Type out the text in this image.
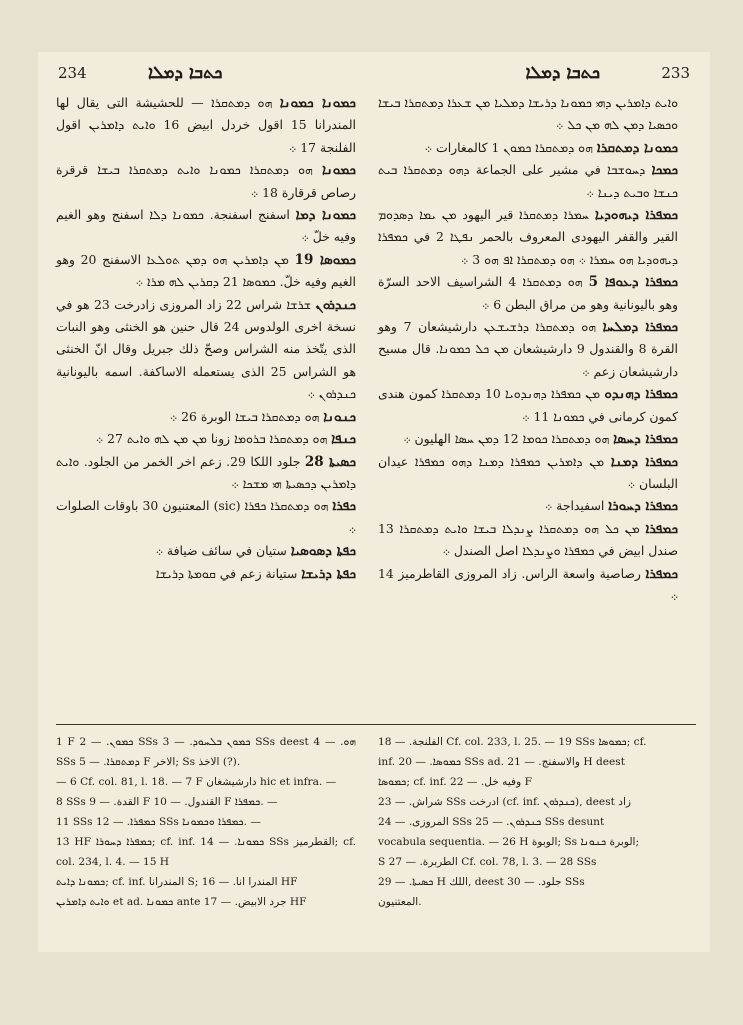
234	ܟܬܒܐ ܕܡܠܐ	ܟܬܒܐ ܕܡܠܐ	233

ܟܡܘܢܐ ܟܡܘܢܐ ܗܘ ܕܡܬܩܪܐ — للحشيشة التى يقال لها المندرانا 15 اقول خردل ابيض 16 ܘܐܝܬ ܕܐܡܪܝܢ اقول الفلنجة 17 ܀

ܟܡܘܢܐ ܗܘ ܕܡܬܩܪܐ ܟܡܘܢܐ ܘܐܝܬ ܕܡܬܩܪܐ ܒܝܫܐ قرقرة رصاص قرقارة 18 ܀

ܟܡܘܢܐ ܕܡܐ اسفنج اسفنجة. ܟܡܘܢܐ ܕܠܐ اسفنج وهو الغيم وفيه خلّ ܀

ܟܡܘܣܐ 19 ܡܢ ܕܐܡܪܝܢ ܗܘ ܕܡܢ ܬܘܠܥܐ الاسفنج 20 وهو الغيم وفيه خلّ. ܟܡܘܣܐ 21 ܕܩܪܝܢ ܠܗ ܡܪܐ ܀

ܟܢܕܪܘܢ ܫܪܫܐ شراس 22 زاد المروزى زادرخت 23 هو في نسخة اخرى الولدوس 24 قال حنين هو الخنثى وهو النبات الذى يتّخذ منه الشراس وصحّ ذلك جبريل وقال انّ الخنثى هو الشراس 25 الذى يستعمله الاساكفة. اسمه باليونانية ܟܢܕܪܘܢ ܀

ܟܢܘܢܐ ܗܘ ܕܡܬܩܪܐ ܒܝܫܐ الوبرة 26 ܀

ܟܢܦܐ ܗܘ ܕܡܬܩܪܐ ܒܪܘܡܐ زونا ܡܢ ܡܢ ܠܗ ܘܐܝܬ 27 ܀

ܟܣܝܬܐ 28 جلود اللكا 29. زعم اخر الخمر من الجلود. ܘܐܝܬ ܕܐܡܪܝܢ ܕܟܣܝܬܐ ܗܝ ܡܫܟܐ ܀

ܟܦܪܐ ܗܘ ܕܡܬܩܪܐ ܟܦܪܐ (sic) المعتنيون 30 باوقات الصلوات ܀

ܟܦܬܐ ܕܣܘܣܝܐ ستيان في سائف ضيافة ܀

ܟܦܬܐ ܕܪܝܫܐ ستيانة زعم في ܩܘܡܬܐ ܕܪܝܫܐ

ܘܐܝܬ ܕܐܡܪܝܢ ܕܗܝ ܟܡܘܢܐ ܕܪܝܫܐ ܕܡܠܝܐ ܡܢ ܫܥܪܐ ܕܡܬܩܪܐ ܒܝܫܐ ܘܟܣܝܐ ܕܡܢ ܠܗ ܡܢ ܟܠ ܀

ܟܡܘܢܐ ܕܡܬܩܪܐ ܗܘ ܕܡܬܩܪܐ ܟܡܘܢ 1 كالمغارات ܀

ܟܡܟܐ ܕܚܘܫܒܐ في مشير على الجماعة ܕܗܘ ܕܡܬܩܪܐ ܒܝܬ ܟܢܫܐ ܘܒܝܬ ܕܝܢܐ ܀

ܟܡܦܪܐ ܕܝܗܘܕܝܐ ܚܡܪܐ ܕܡܬܩܪܐ قير اليهود ܡܢ ܝܡܐ ܕܣܕܘܡ القير والقفر اليهودى المعروف بالحمر ܢܦܛܐ 2 في ܟܡܦܪܐ ܕܝܗܘܕܝܐ ܗܘ ܚܡܪܐ ܀ ܗܘ ܕܡܬܩܪܐ ܐܦ ܗܘ 3 ܀

ܟܡܦܪܐ ܕܥܘܦܐ 5 ܗܘ ܕܡܬܩܪܐ 4 الشراسيف الاحد السرّة وهو باليونانية وهو من مراق البطن 6 ܀

ܟܡܦܪܐ ܕܡܠܚܐ ܗܘ ܕܡܬܩܪܐ ܕܪܫܝܫܥܢ دارشيشعان 7 وهو القرة 8 والقندول 9 دارشيشعان ܡܢ ܟܠ ܟܡܘܢܐ. قال مسيح دارشيشعان زعم ܀

ܟܡܦܪܐ ܕܗܢܕܘ ܡܢ ܟܡܦܪܐ ܕܗܢܕܘܝܐ 10 ܕܡܬܩܪܐ كمون هندى كمون كرمانى في ܟܡܘܢܐ 11 ܀

ܟܡܦܪܐ ܕܚܣܐ ܗܘ ܕܡܬܩܪܐ ܟܘܡܐ 12 ܕܡܢ ܚܣܐ الهليون ܀

ܟܡܦܪܐ ܕܡܢܐ ܡܢ ܕܐܡܪܝܢ ܟܡܦܪܐ ܕܡܢܐ ܕܗܘ ܟܡܦܪܐ عيدان البلسان ܀

ܟܡܦܪܐ ܕܚܘܪܐ اسفيداجة ܀

ܟܡܦܪܐ ܡܢ ܟܠ ܗܘ ܕܡܬܩܪܐ ܨܢܕܠܐ ܒܝܫܐ ܘܐܝܬ ܕܡܬܩܪܐ 13 صندل ابيض في ܟܡܦܪܐ ܘܨܢܕܠܐ اصل الصندل ܀

ܟܡܦܪܐ رصاصية واسعة الراس. زاد المروزى القاطرميز 14 ܀

1 F ܟܡܘܢ. — 2 SSs ܟܡܘܢ ܒܠܚܘܕ. — 3 SSs deest ܗܘ. — 4 SSs ܕܡܬܩܪܐ. — 5 F الاخر; Ss الاخذ (?).

— 6 Cf. col. 81, l. 18. — 7 F دارشيشغان hic et infra. —

8 SSs القدة. — 9 F القندول. — 10 F ܟܡܦܪܐ. —

11 SSs ܟܡܦܪܐ. — 12 SSs ܟܡܦܪܐ ܘܟܡܘܢܐ. —

13 HF ܟܡܦܪܐ ܕܚܘܪܐ; cf. inf. ܟܡܘܢܐ. — 14 SSs القطرميز; cf. col. 234, l. 4. — 15 H

ܟܡܘܢܐ ܕܐܝܬ; cf. inf. المندرانا S; المندرا انا. — 16 HF

ܘܐܝܬ ܕܐܡܪܝܢ et ad. ܟܡܘܢܐ ante جرد الابيض. — 17 HF

الفلنجة. — 18 Cf. col. 233, l. 25. — 19 SSs ܟܡܘܣܐ; cf.

inf. ܟܡܘܣܐ. — 20 SSs ad. والاسفنج. — 21 H deest

ܟܡܘܣܐ; cf. inf. وفيه خل. — 22 F

شراش. — 23 SSs ادرخت (cf. inf. ܟܢܕܪܘܢ), deest زاد

المروزى. — 24 SSs ܟܢܕܪܘܢ. — 25 SSs desunt

vocabula sequentia. — 26 H الوبوة; Ss الوبرة ܟܢܘܢܐ;

S الطربرة. — 27 Cf. col. 78, l. 3. — 28 SSs

ܟܣܝܬܐ. — 29 H اللك, deest جلود. — 30 SSs

المعتنيون.
